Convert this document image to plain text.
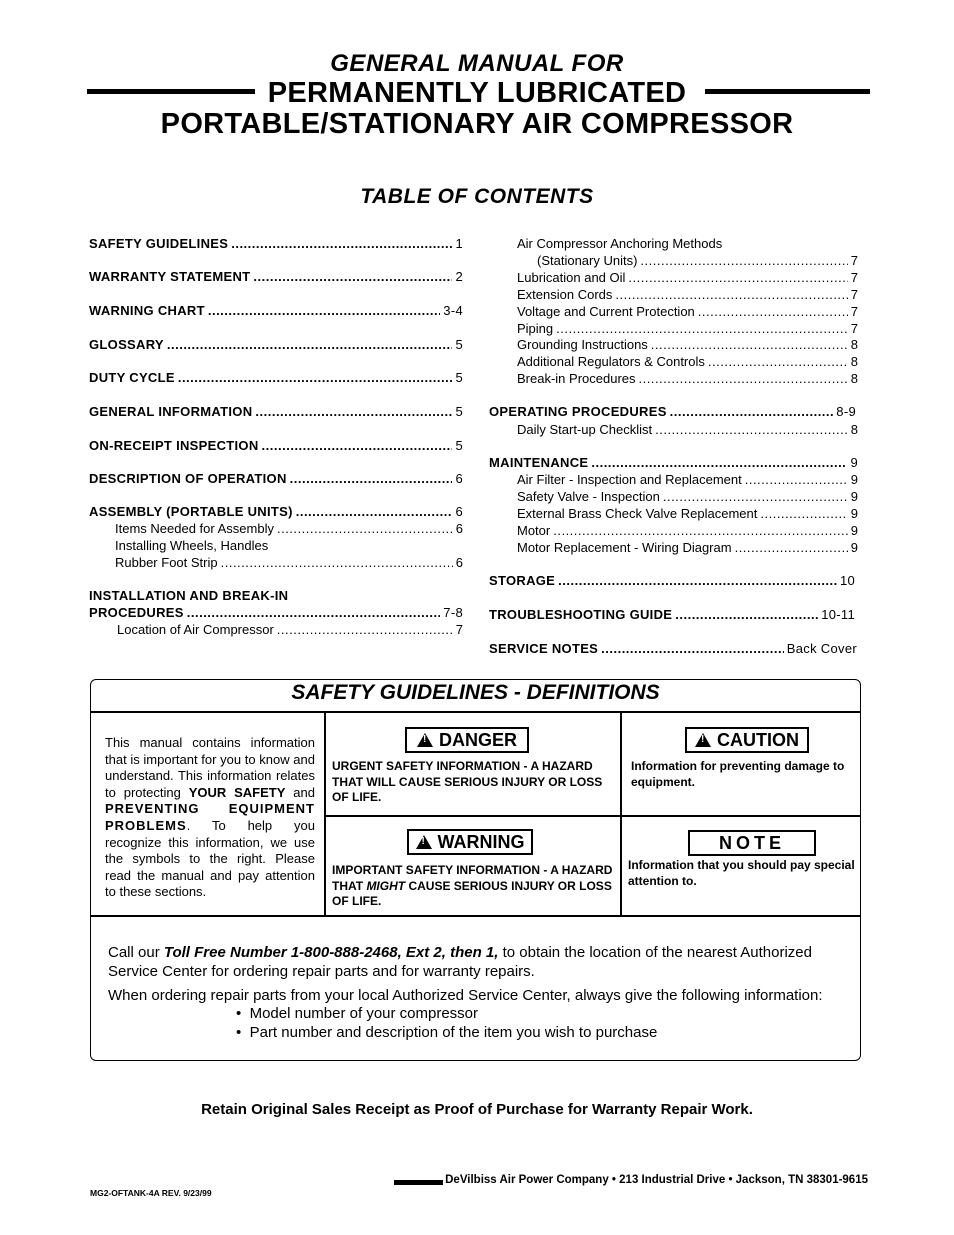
GENERAL MANUAL FOR
PERMANENTLY LUBRICATED
PORTABLE/STATIONARY AIR COMPRESSOR
TABLE OF CONTENTS
SAFETY GUIDELINES .....	1
WARRANTY STATEMENT .....	2
WARNING CHART .....	3-4
GLOSSARY .....	5
DUTY CYCLE .....	5
GENERAL INFORMATION .....	5
ON-RECEIPT INSPECTION .....	5
DESCRIPTION OF OPERATION .....	6
ASSEMBLY (PORTABLE UNITS) .....	6
Items Needed for Assembly .....	6
Installing Wheels, Handles
Rubber Foot Strip .....	6
INSTALLATION AND BREAK-IN
PROCEDURES .....	7-8
Location of Air Compressor .....	7
Air Compressor Anchoring Methods
(Stationary Units) .....	7
Lubrication and Oil .....	7
Extension Cords .....	7
Voltage and Current Protection .....	7
Piping .....	7
Grounding Instructions .....	8
Additional Regulators & Controls .....	8
Break-in Procedures .....	8
OPERATING PROCEDURES .....	8-9
Daily Start-up Checklist .....	8
MAINTENANCE .....	9
Air Filter - Inspection and Replacement .....	9
Safety Valve - Inspection .....	9
External Brass Check Valve Replacement .....	9
Motor .....	9
Motor Replacement - Wiring Diagram .....	9
STORAGE .....	10
TROUBLESHOOTING GUIDE .....	10-11
SERVICE NOTES .....	Back Cover
SAFETY GUIDELINES - DEFINITIONS
This manual contains information that is important for you to know and understand. This information relates to protecting YOUR SAFETY and PREVENTING EQUIPMENT PROBLEMS. To help you recognize this information, we use the symbols to the right. Please read the manual and pay attention to these sections.
!
DANGER
URGENT SAFETY INFORMATION - A HAZARD THAT WILL CAUSE SERIOUS INJURY OR LOSS OF LIFE.
!
CAUTION
Information for preventing damage to equipment.
!
WARNING
IMPORTANT SAFETY INFORMATION - A HAZARD THAT MIGHT CAUSE SERIOUS INJURY OR LOSS OF LIFE.
NOTE
Information that you should pay special attention to.
Call our Toll Free Number 1-800-888-2468, Ext 2, then 1, to obtain the location of the nearest Authorized Service Center for ordering repair parts and for warranty repairs.
When ordering repair parts from your local Authorized Service Center, always give the following information:
•  Model number of your compressor
•  Part number and description of the item you wish to purchase
Retain Original Sales Receipt as Proof of Purchase for Warranty Repair Work.
DeVilbiss Air Power Company • 213 Industrial Drive • Jackson, TN 38301-9615
MG2-OFTANK-4A REV. 9/23/99
